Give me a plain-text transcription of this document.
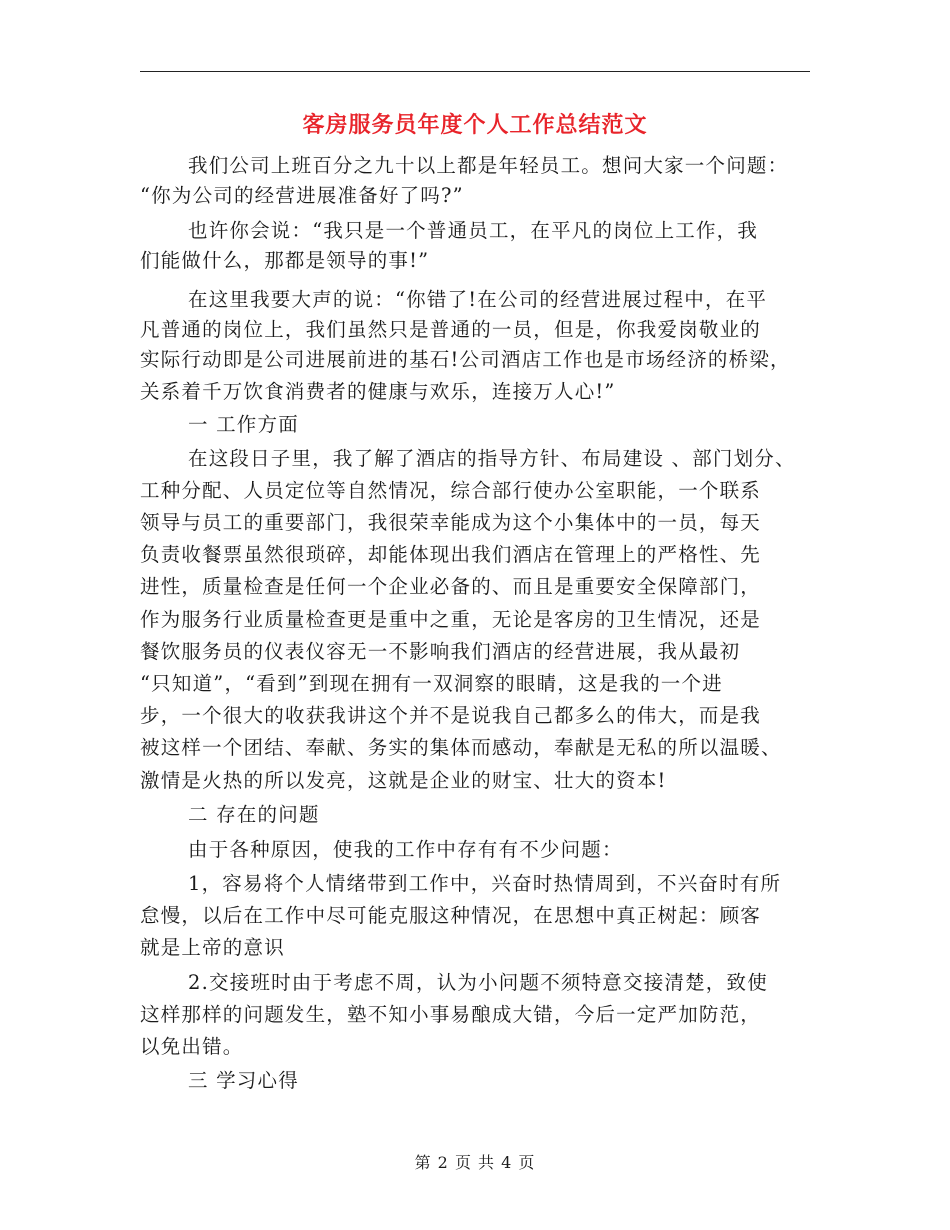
客房服务员年度个人工作总结范文
我们公司上班百分之九十以上都是年轻员工。想问大家一个问题：
“你为公司的经营进展准备好了吗?”
也许你会说：“我只是一个普通员工，在平凡的岗位上工作，我
们能做什么，那都是领导的事!”
在这里我要大声的说：“你错了!在公司的经营进展过程中，在平
凡普通的岗位上，我们虽然只是普通的一员，但是，你我爱岗敬业的
实际行动即是公司进展前进的基石!公司酒店工作也是市场经济的桥梁，
关系着千万饮食消费者的健康与欢乐，连接万人心!”
一 工作方面
在这段日子里，我了解了酒店的指导方针、布局建设 、部门划分、
工种分配、人员定位等自然情况，综合部行使办公室职能，一个联系
领导与员工的重要部门，我很荣幸能成为这个小集体中的一员，每天
负责收餐票虽然很琐碎，却能体现出我们酒店在管理上的严格性、先
进性，质量检查是任何一个企业必备的、而且是重要安全保障部门，
作为服务行业质量检查更是重中之重，无论是客房的卫生情况，还是
餐饮服务员的仪表仪容无一不影响我们酒店的经营进展，我从最初
“只知道”，“看到”到现在拥有一双洞察的眼睛，这是我的一个进
步，一个很大的收获我讲这个并不是说我自己都多么的伟大，而是我
被这样一个团结、奉献、务实的集体而感动，奉献是无私的所以温暖、
激情是火热的所以发亮，这就是企业的财宝、壮大的资本!
二 存在的问题
由于各种原因，使我的工作中存有有不少问题：
1，容易将个人情绪带到工作中，兴奋时热情周到，不兴奋时有所
怠慢，以后在工作中尽可能克服这种情况，在思想中真正树起：顾客
就是上帝的意识
2.交接班时由于考虑不周，认为小问题不须特意交接清楚，致使
这样那样的问题发生，塾不知小事易酿成大错，今后一定严加防范，
以免出错。
三 学习心得
第 2 页 共 4 页
